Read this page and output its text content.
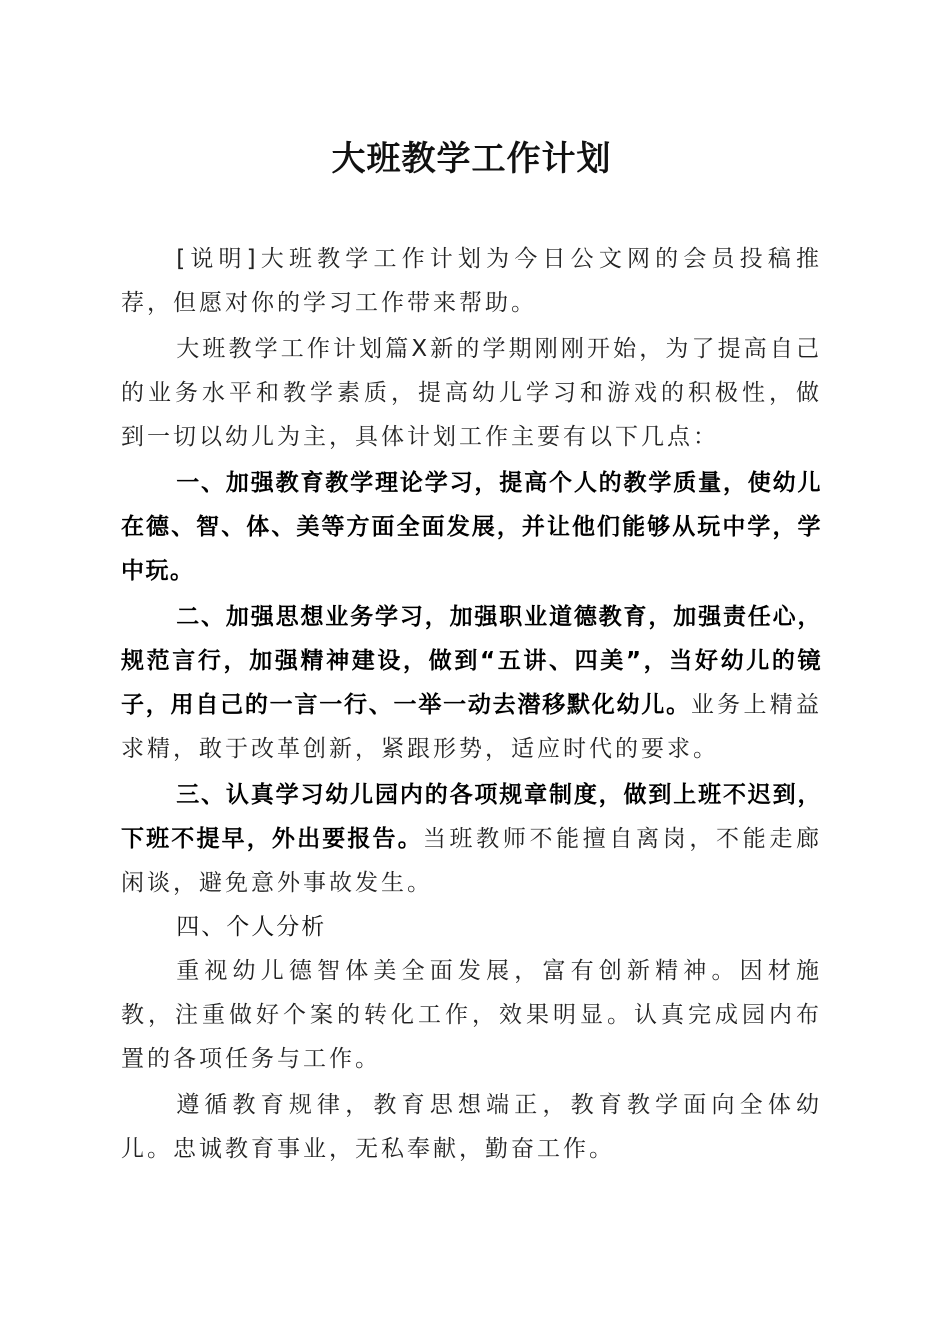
大班教学工作计划

[说明]大班教学工作计划为今日公文网的会员投稿推荐，但愿对你的学习工作带来帮助。

大班教学工作计划篇X新的学期刚刚开始，为了提高自己的业务水平和教学素质，提高幼儿学习和游戏的积极性，做到一切以幼儿为主，具体计划工作主要有以下几点：

一、加强教育教学理论学习，提高个人的教学质量，使幼儿在德、智、体、美等方面全面发展，并让他们能够从玩中学，学中玩。

二、加强思想业务学习，加强职业道德教育，加强责任心，规范言行，加强精神建设，做到“五讲、四美”，当好幼儿的镜子，用自己的一言一行、一举一动去潜移默化幼儿。业务上精益求精，敢于改革创新，紧跟形势，适应时代的要求。

三、认真学习幼儿园内的各项规章制度，做到上班不迟到，下班不提早，外出要报告。当班教师不能擅自离岗，不能走廊闲谈，避免意外事故发生。

四、个人分析

重视幼儿德智体美全面发展，富有创新精神。因材施教，注重做好个案的转化工作，效果明显。认真完成园内布置的各项任务与工作。

遵循教育规律，教育思想端正，教育教学面向全体幼儿。忠诚教育事业，无私奉献，勤奋工作。
